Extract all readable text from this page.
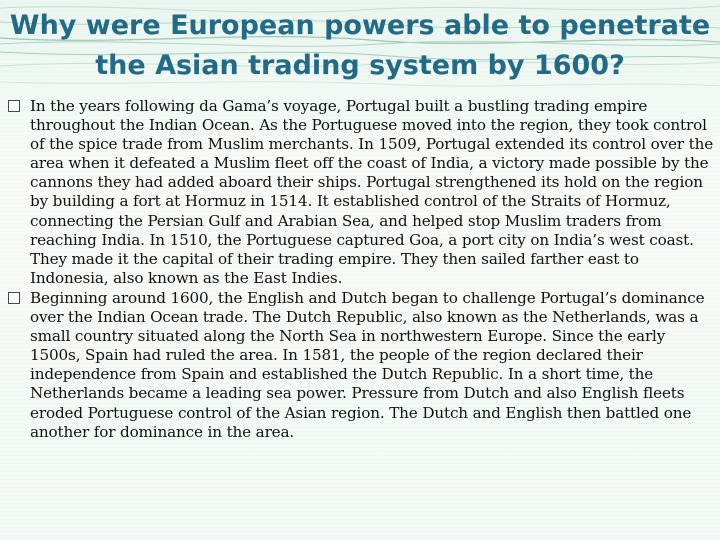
Why were European powers able to penetrate the Asian trading system by 1600?

In the years following da Gama’s voyage, Portugal built a bustling trading empire throughout the Indian Ocean. As the Portuguese moved into the region, they took control of the spice trade from Muslim merchants. In 1509, Portugal extended its control over the area when it defeated a Muslim fleet off the coast of India, a victory made possible by the cannons they had added aboard their ships. Portugal strengthened its hold on the region by building a fort at Hormuz in 1514. It established control of the Straits of Hormuz, connecting the Persian Gulf and Arabian Sea, and helped stop Muslim traders from reaching India. In 1510, the Portuguese captured Goa, a port city on India’s west coast. They made it the capital of their trading empire. They then sailed farther east to Indonesia, also known as the East Indies.

Beginning around 1600, the English and Dutch began to challenge Portugal’s dominance over the Indian Ocean trade. The Dutch Republic, also known as the Netherlands, was a small country situated along the North Sea in northwestern Europe. Since the early 1500s, Spain had ruled the area. In 1581, the people of the region declared their independence from Spain and established the Dutch Republic. In a short time, the Netherlands became a leading sea power. Pressure from Dutch and also English fleets eroded Portuguese control of the Asian region. The Dutch and English then battled one another for dominance in the area.
